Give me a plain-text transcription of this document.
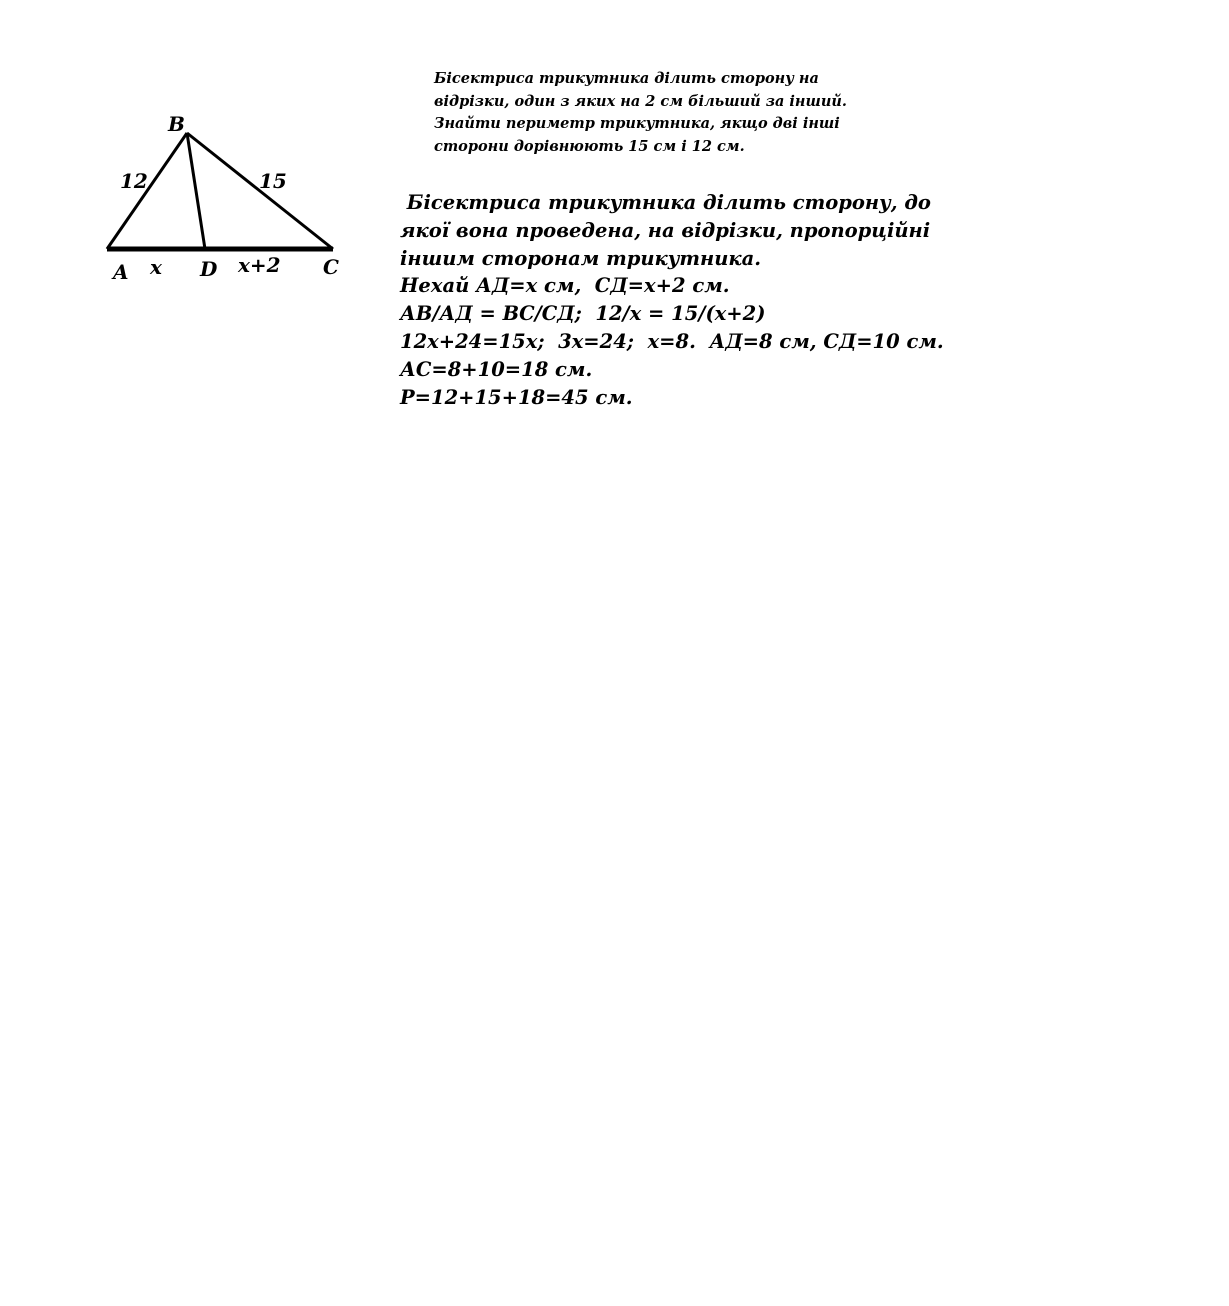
B
A	D	C
12	15
x	x+2
Бісектриса трикутника ділить сторону на
відрізки, один з яких на 2 см більший за інший.
Знайти периметр трикутника, якщо дві інші
сторони дорівнюють 15 см і 12 см.
Бісектриса трикутника ділить сторону, до
якої вона проведена, на відрізки, пропорційні
іншим сторонам трикутника.
Нехай АД=х см,  СД=х+2 см.
АВ/АД = ВС/СД;  12/х = 15/(х+2)
12х+24=15х;  3х=24;  х=8.  АД=8 см, СД=10 см.
АС=8+10=18 см.
Р=12+15+18=45 см.
